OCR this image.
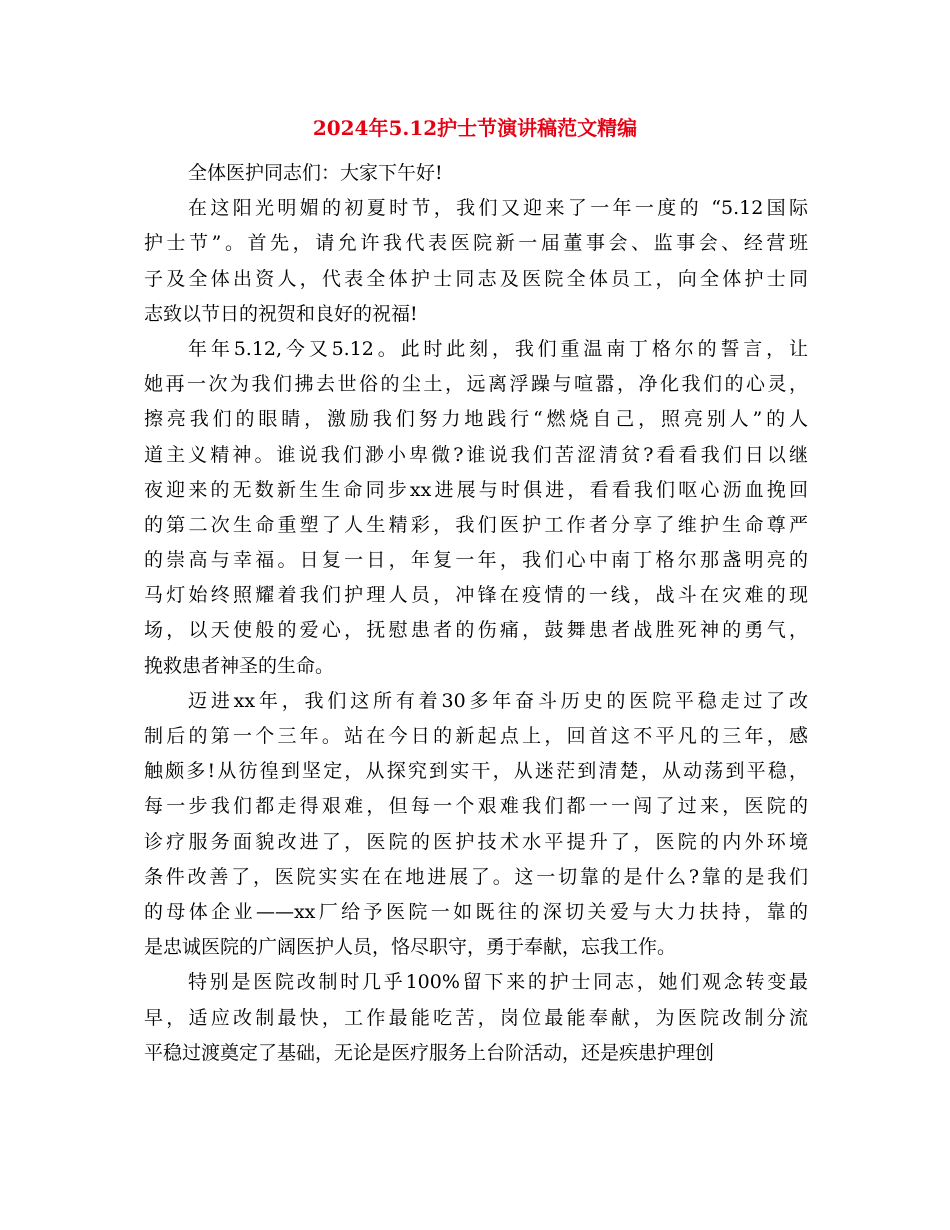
2024年5.12护士节演讲稿范文精编
全体医护同志们：大家下午好!
在这阳光明媚的初夏时节，我们又迎来了一年一度的 “5.12国际
护士节”。首先，请允许我代表医院新一届董事会、监事会、经营班
子及全体出资人，代表全体护士同志及医院全体员工，向全体护士同
志致以节日的祝贺和良好的祝福!
年年5.12,今又5.12。此时此刻，我们重温南丁格尔的誓言，让
她再一次为我们拂去世俗的尘土，远离浮躁与喧嚣，净化我们的心灵，
擦亮我们的眼睛，激励我们努力地践行“燃烧自己，照亮别人”的人
道主义精神。谁说我们渺小卑微?谁说我们苦涩清贫?看看我们日以继
夜迎来的无数新生生命同步xx进展与时俱进，看看我们呕心沥血挽回
的第二次生命重塑了人生精彩，我们医护工作者分享了维护生命尊严
的崇高与幸福。日复一日，年复一年，我们心中南丁格尔那盏明亮的
马灯始终照耀着我们护理人员，冲锋在疫情的一线，战斗在灾难的现
场，以天使般的爱心，抚慰患者的伤痛，鼓舞患者战胜死神的勇气，
挽救患者神圣的生命。
迈进xx年，我们这所有着30多年奋斗历史的医院平稳走过了改
制后的第一个三年。站在今日的新起点上，回首这不平凡的三年，感
触颇多!从彷徨到坚定，从探究到实干，从迷茫到清楚，从动荡到平稳，
每一步我们都走得艰难，但每一个艰难我们都一一闯了过来，医院的
诊疗服务面貌改进了，医院的医护技术水平提升了，医院的内外环境
条件改善了，医院实实在在地进展了。这一切靠的是什么?靠的是我们
的母体企业——xx厂给予医院一如既往的深切关爱与大力扶持，靠的
是忠诚医院的广阔医护人员，恪尽职守，勇于奉献，忘我工作。
特别是医院改制时几乎100%留下来的护士同志，她们观念转变最
早，适应改制最快，工作最能吃苦，岗位最能奉献，为医院改制分流
平稳过渡奠定了基础，无论是医疗服务上台阶活动，还是疾患护理创
